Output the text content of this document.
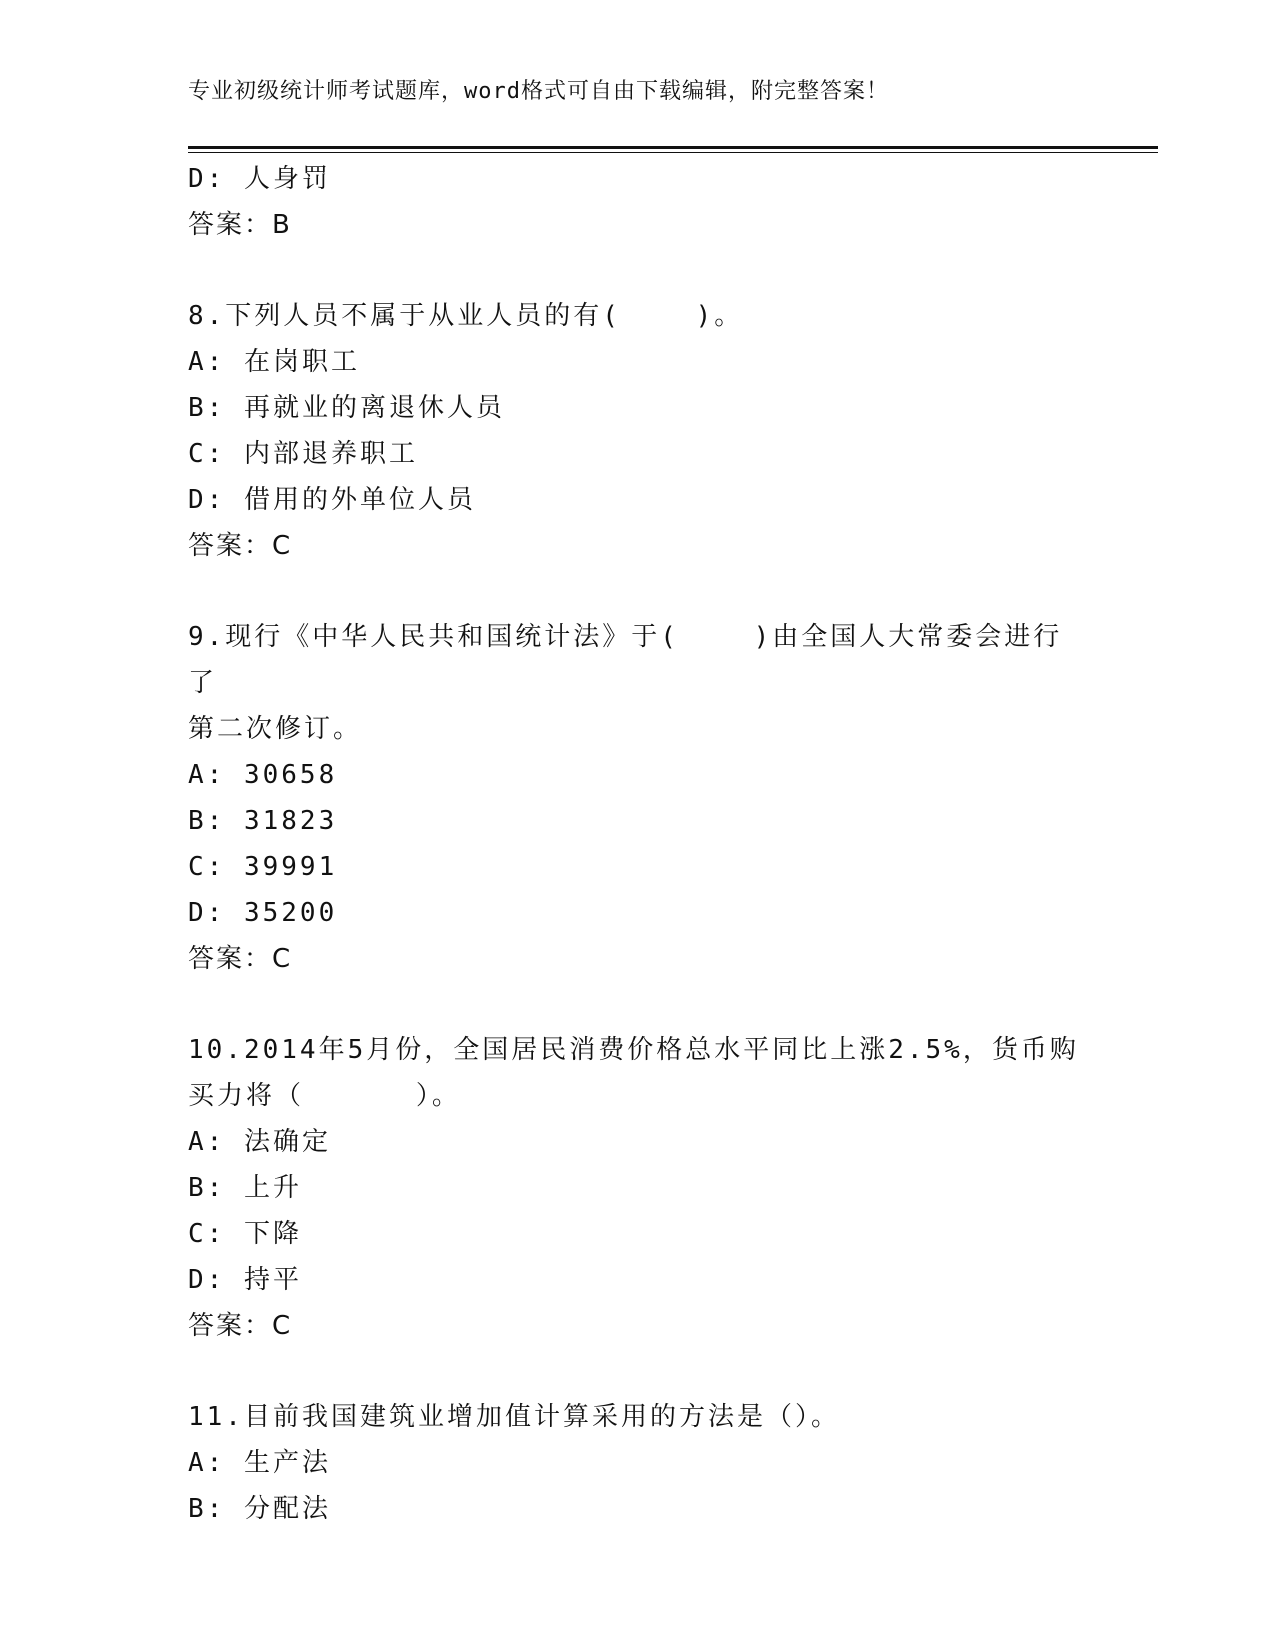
专业初级统计师考试题库，word格式可自由下载编辑，附完整答案！
D: 人身罚
答案：B
8.下列人员不属于从业人员的有(    )。
A: 在岗职工
B: 再就业的离退休人员
C: 内部退养职工
D: 借用的外单位人员
答案：C
9.现行《中华人民共和国统计法》于(    )由全国人大常委会进行了
第二次修订。
A: 30658
B: 31823
C: 39991
D: 35200
答案：C
10.2014年5月份，全国居民消费价格总水平同比上涨2.5%，货币购
买力将（      ）。
A: 法确定
B: 上升
C: 下降
D: 持平
答案：C
11.目前我国建筑业增加值计算采用的方法是（）。
A: 生产法
B: 分配法
